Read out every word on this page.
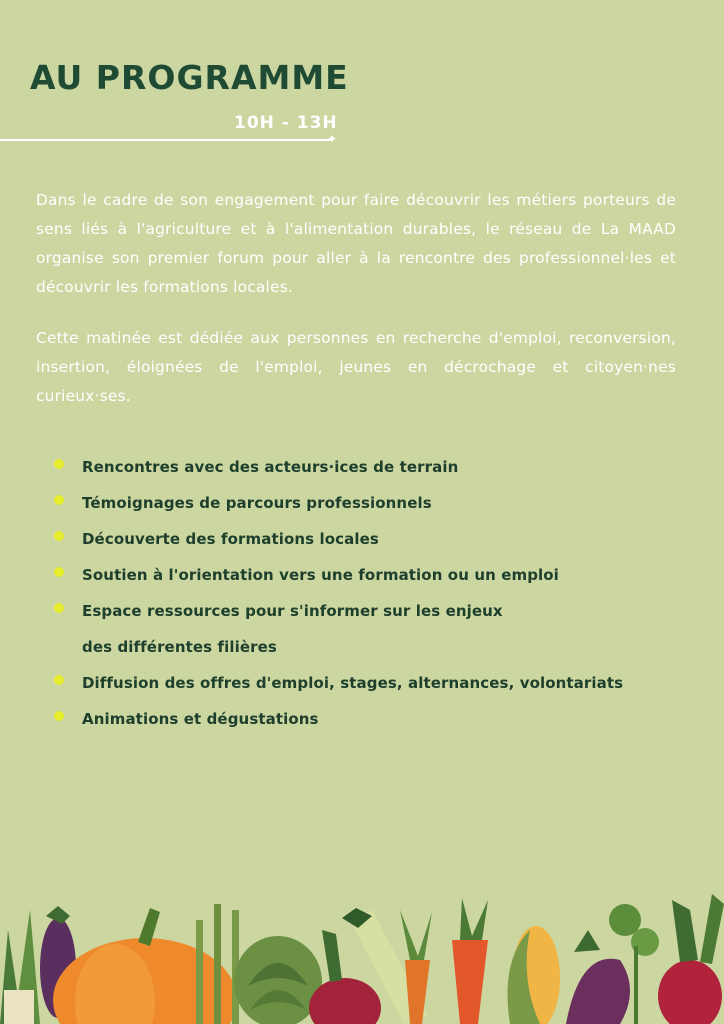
AU PROGRAMME
10H - 13H
✦

Dans le cadre de son engagement pour faire découvrir les métiers porteurs de sens liés à l'agriculture et à l'alimentation durables, le réseau de La MAAD organise son premier forum pour aller à la rencontre des professionnel·les et découvrir les formations locales.

Cette matinée est dédiée aux personnes en recherche d'emploi, reconversion, insertion, éloignées de l'emploi, jeunes en décrochage et citoyen·nes curieux·ses.

Rencontres avec des acteurs·ices de terrain
Témoignages de parcours professionnels
Découverte des formations locales
Soutien à l'orientation vers une formation ou un emploi
Espace ressources pour s'informer sur les enjeux
des différentes filières
Diffusion des offres d'emploi, stages, alternances, volontariats
Animations et dégustations
